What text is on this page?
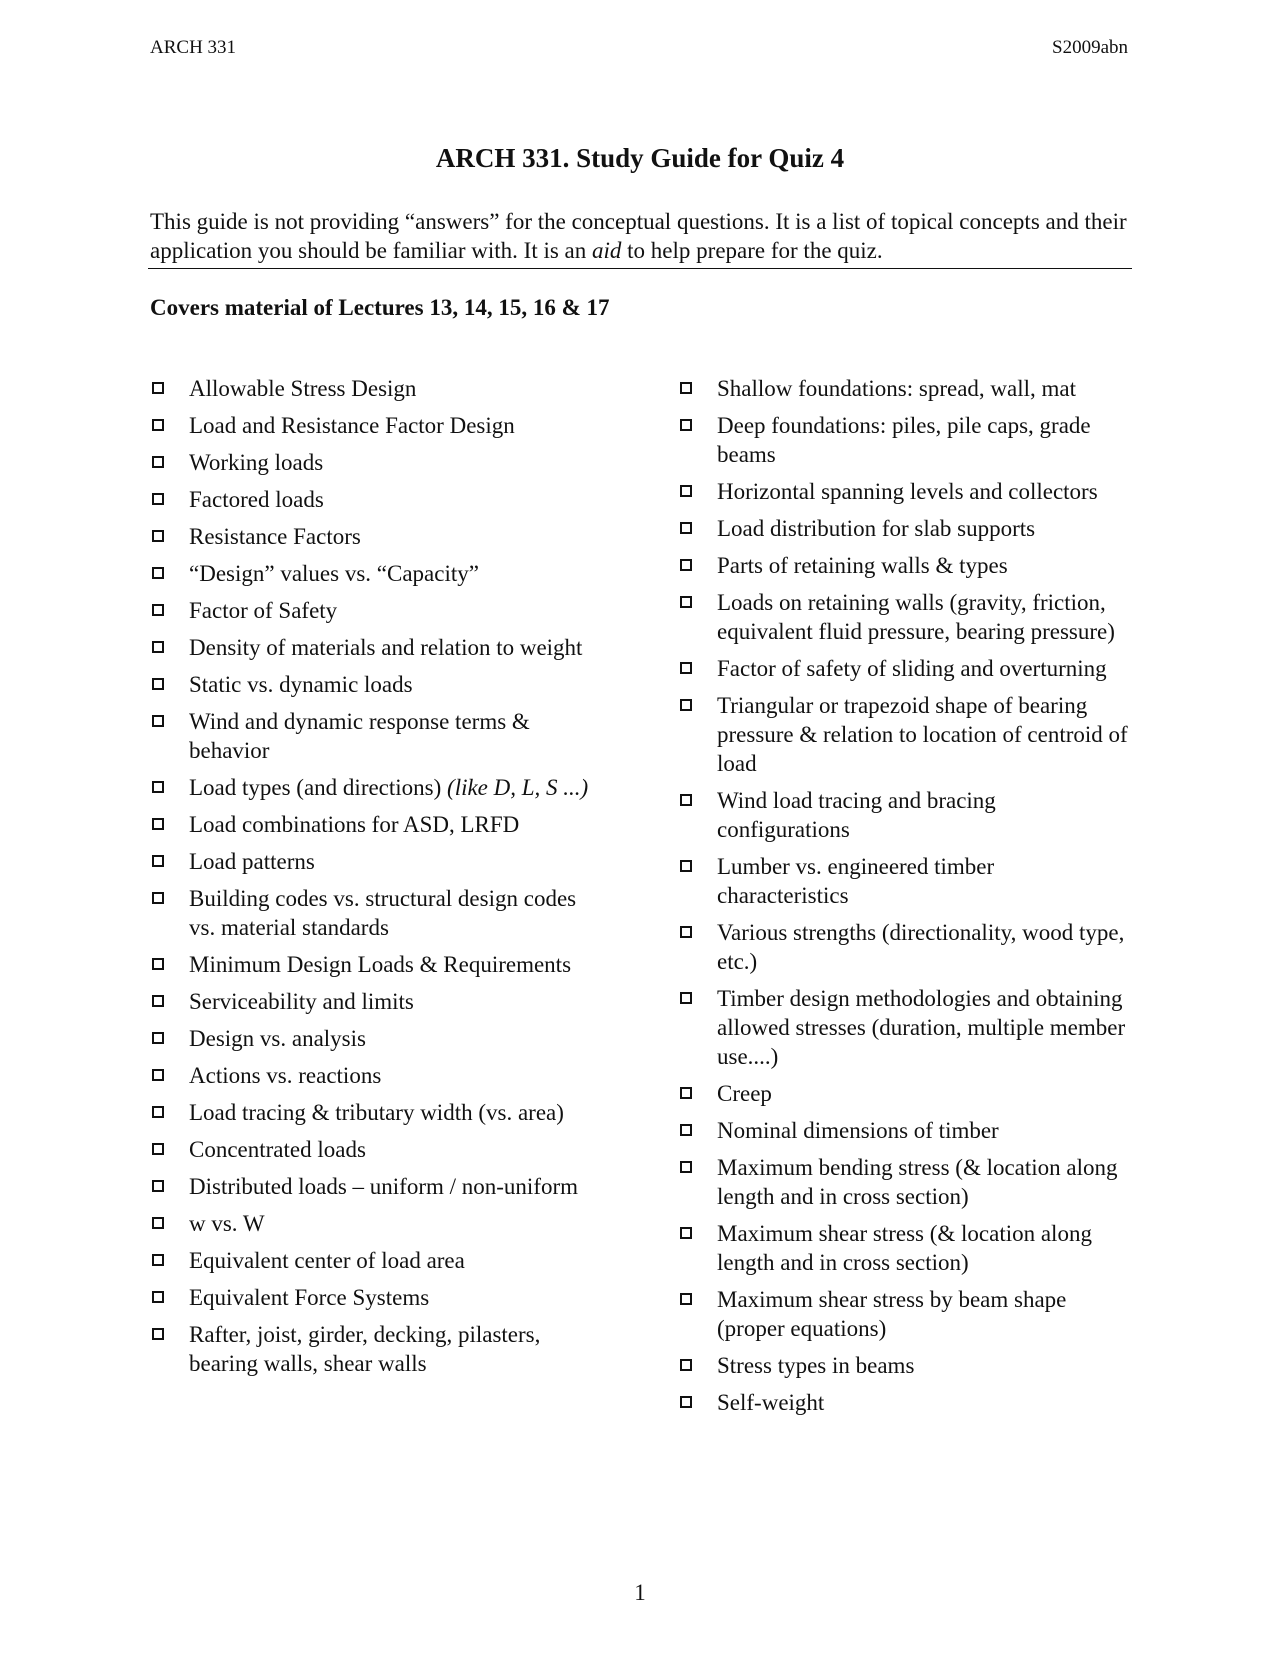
ARCH 331	S2009abn
ARCH 331. Study Guide for Quiz 4
This guide is not providing “answers” for the conceptual questions. It is a list of topical concepts and their application you should be familiar with. It is an aid to help prepare for the quiz.
Covers material of Lectures 13, 14, 15, 16 & 17
Allowable Stress Design
Load and Resistance Factor Design
Working loads
Factored loads
Resistance Factors
“Design” values vs. “Capacity”
Factor of Safety
Density of materials and relation to weight
Static vs. dynamic loads
Wind and dynamic response terms & behavior
Load types (and directions) (like D, L, S ...)
Load combinations for ASD, LRFD
Load patterns
Building codes vs. structural design codes vs. material standards
Minimum Design Loads & Requirements
Serviceability and limits
Design vs. analysis
Actions vs. reactions
Load tracing & tributary width (vs. area)
Concentrated loads
Distributed loads – uniform / non-uniform
w vs. W
Equivalent center of load area
Equivalent Force Systems
Rafter, joist, girder, decking, pilasters, bearing walls, shear walls
Shallow foundations: spread, wall, mat
Deep foundations: piles, pile caps, grade beams
Horizontal spanning levels and collectors
Load distribution for slab supports
Parts of retaining walls & types
Loads on retaining walls (gravity, friction, equivalent fluid pressure, bearing pressure)
Factor of safety of sliding and overturning
Triangular or trapezoid shape of bearing pressure & relation to location of centroid of load
Wind load tracing and bracing configurations
Lumber vs. engineered timber characteristics
Various strengths (directionality, wood type, etc.)
Timber design methodologies and obtaining allowed stresses (duration, multiple member use....)
Creep
Nominal dimensions of timber
Maximum bending stress (& location along length and in cross section)
Maximum shear stress (& location along length and in cross section)
Maximum shear stress by beam shape (proper equations)
Stress types in beams
Self-weight
1
